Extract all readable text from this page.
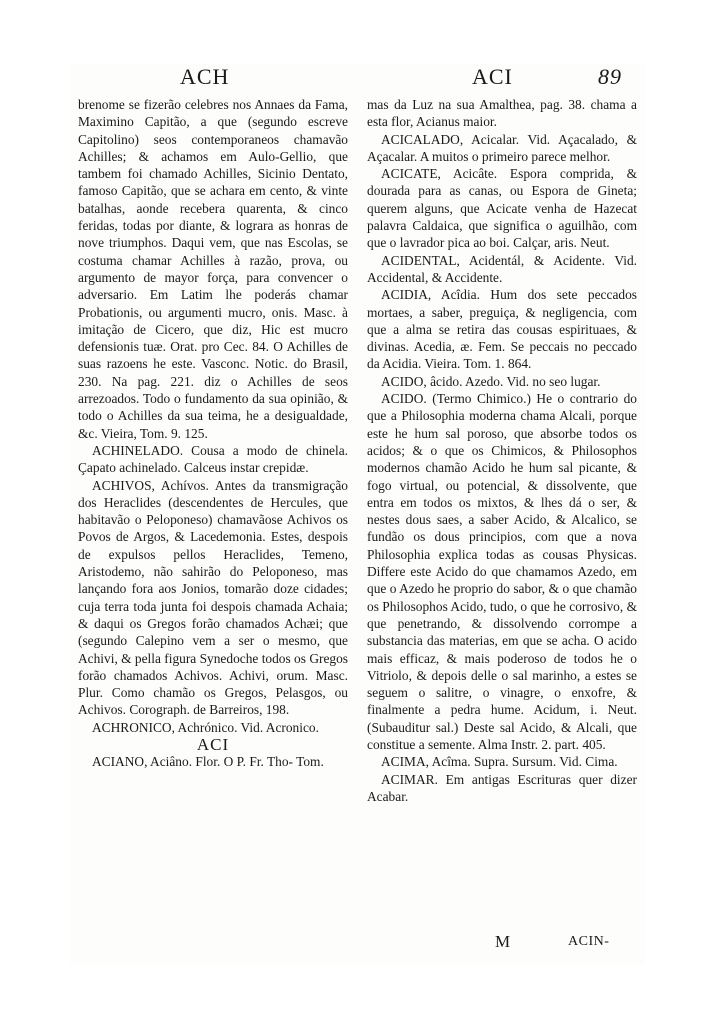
ACH	ACI	89

brenome se fizerão celebres nos Annaes da Fama, Maximino Capitão, a que (segundo escreve Capitolino) seos contemporaneos chamavão Achilles; & achamos em Aulo-Gellio, que tambem foi chamado Achilles, Sicinio Dentato, famoso Capitão, que se achara em cento, & vinte batalhas, aonde recebera quarenta, & cinco feridas, todas por diante, & lograra as honras de nove triumphos. Daqui vem, que nas Escolas, se costuma chamar Achilles à razão, prova, ou argumento de mayor força, para convencer o adversario. Em Latim lhe poderás chamar Probationis, ou argumenti mucro, onis. Masc. à imitação de Cicero, que diz, Hic est mucro defensionis tuæ. Orat. pro Cec. 84. O Achilles de suas razoens he este. Vasconc. Notic. do Brasil, 230. Na pag. 221. diz o Achilles de seos arrezoados. Todo o fundamento da sua opinião, & todo o Achilles da sua teima, he a desigualdade, &c. Vieira, Tom. 9. 125.

ACHINELADO. Cousa a modo de chinela. Çapato achinelado. Calceus instar crepidæ.

ACHIVOS, Achívos. Antes da transmigração dos Heraclides (descendentes de Hercules, que habitavão o Peloponeso) chamavãose Achivos os Povos de Argos, & Lacedemonia. Estes, despois de expulsos pellos Heraclides, Temeno, Aristodemo, não sahirão do Peloponeso, mas lançando fora aos Jonios, tomarão doze cidades; cuja terra toda junta foi despois chamada Achaia; & daqui os Gregos forão chamados Achæi; que (segundo Calepino vem a ser o mesmo, que Achivi, & pella figura Synedoche todos os Gregos forão chamados Achivos. Achivi, orum. Masc. Plur. Como chamão os Gregos, Pelasgos, ou Achivos. Corograph. de Barreiros, 198.

ACHRONICO, Achrónico. Vid. Acronico.

ACI

ACIANO, Aciâno. Flor. O P. Fr. Tho- Tom.

mas da Luz na sua Amalthea, pag. 38. chama a esta flor, Acianus maior.

ACICALADO, Acicalar. Vid. Açacalado, & Açacalar. A muitos o primeiro parece melhor.

ACICATE, Acicâte. Espora comprida, & dourada para as canas, ou Espora de Gineta; querem alguns, que Acicate venha de Hazecat palavra Caldaica, que significa o aguilhão, com que o lavrador pica ao boi. Calçar, aris. Neut.

ACIDENTAL, Acidentál, & Acidente. Vid. Accidental, & Accidente.

ACIDIA, Acîdia. Hum dos sete peccados mortaes, a saber, preguiça, & negligencia, com que a alma se retira das cousas espirituaes, & divinas. Acedia, æ. Fem. Se peccais no peccado da Acidia. Vieira. Tom. 1. 864.

ACIDO, âcido. Azedo. Vid. no seo lugar.

ACIDO. (Termo Chimico.) He o contrario do que a Philosophia moderna chama Alcali, porque este he hum sal poroso, que absorbe todos os acidos; & o que os Chimicos, & Philosophos modernos chamão Acido he hum sal picante, & fogo virtual, ou potencial, & dissolvente, que entra em todos os mixtos, & lhes dá o ser, & nestes dous saes, a saber Acido, & Alcalico, se fundão os dous principios, com que a nova Philosophia explica todas as cousas Physicas. Differe este Acido do que chamamos Azedo, em que o Azedo he proprio do sabor, & o que chamão os Philosophos Acido, tudo, o que he corrosivo, & que penetrando, & dissolvendo corrompe a substancia das materias, em que se acha. O acido mais efficaz, & mais poderoso de todos he o Vitriolo, & depois delle o sal marinho, a estes se seguem o salitre, o vinagre, o enxofre, & finalmente a pedra hume. Acidum, i. Neut. (Subauditur sal.) Deste sal Acido, & Alcali, que constitue a semente. Alma Instr. 2. part. 405.

ACIMA, Acîma. Supra. Sursum. Vid. Cima.

ACIMAR. Em antigas Escrituras quer dizer Acabar.

M	ACIN-
